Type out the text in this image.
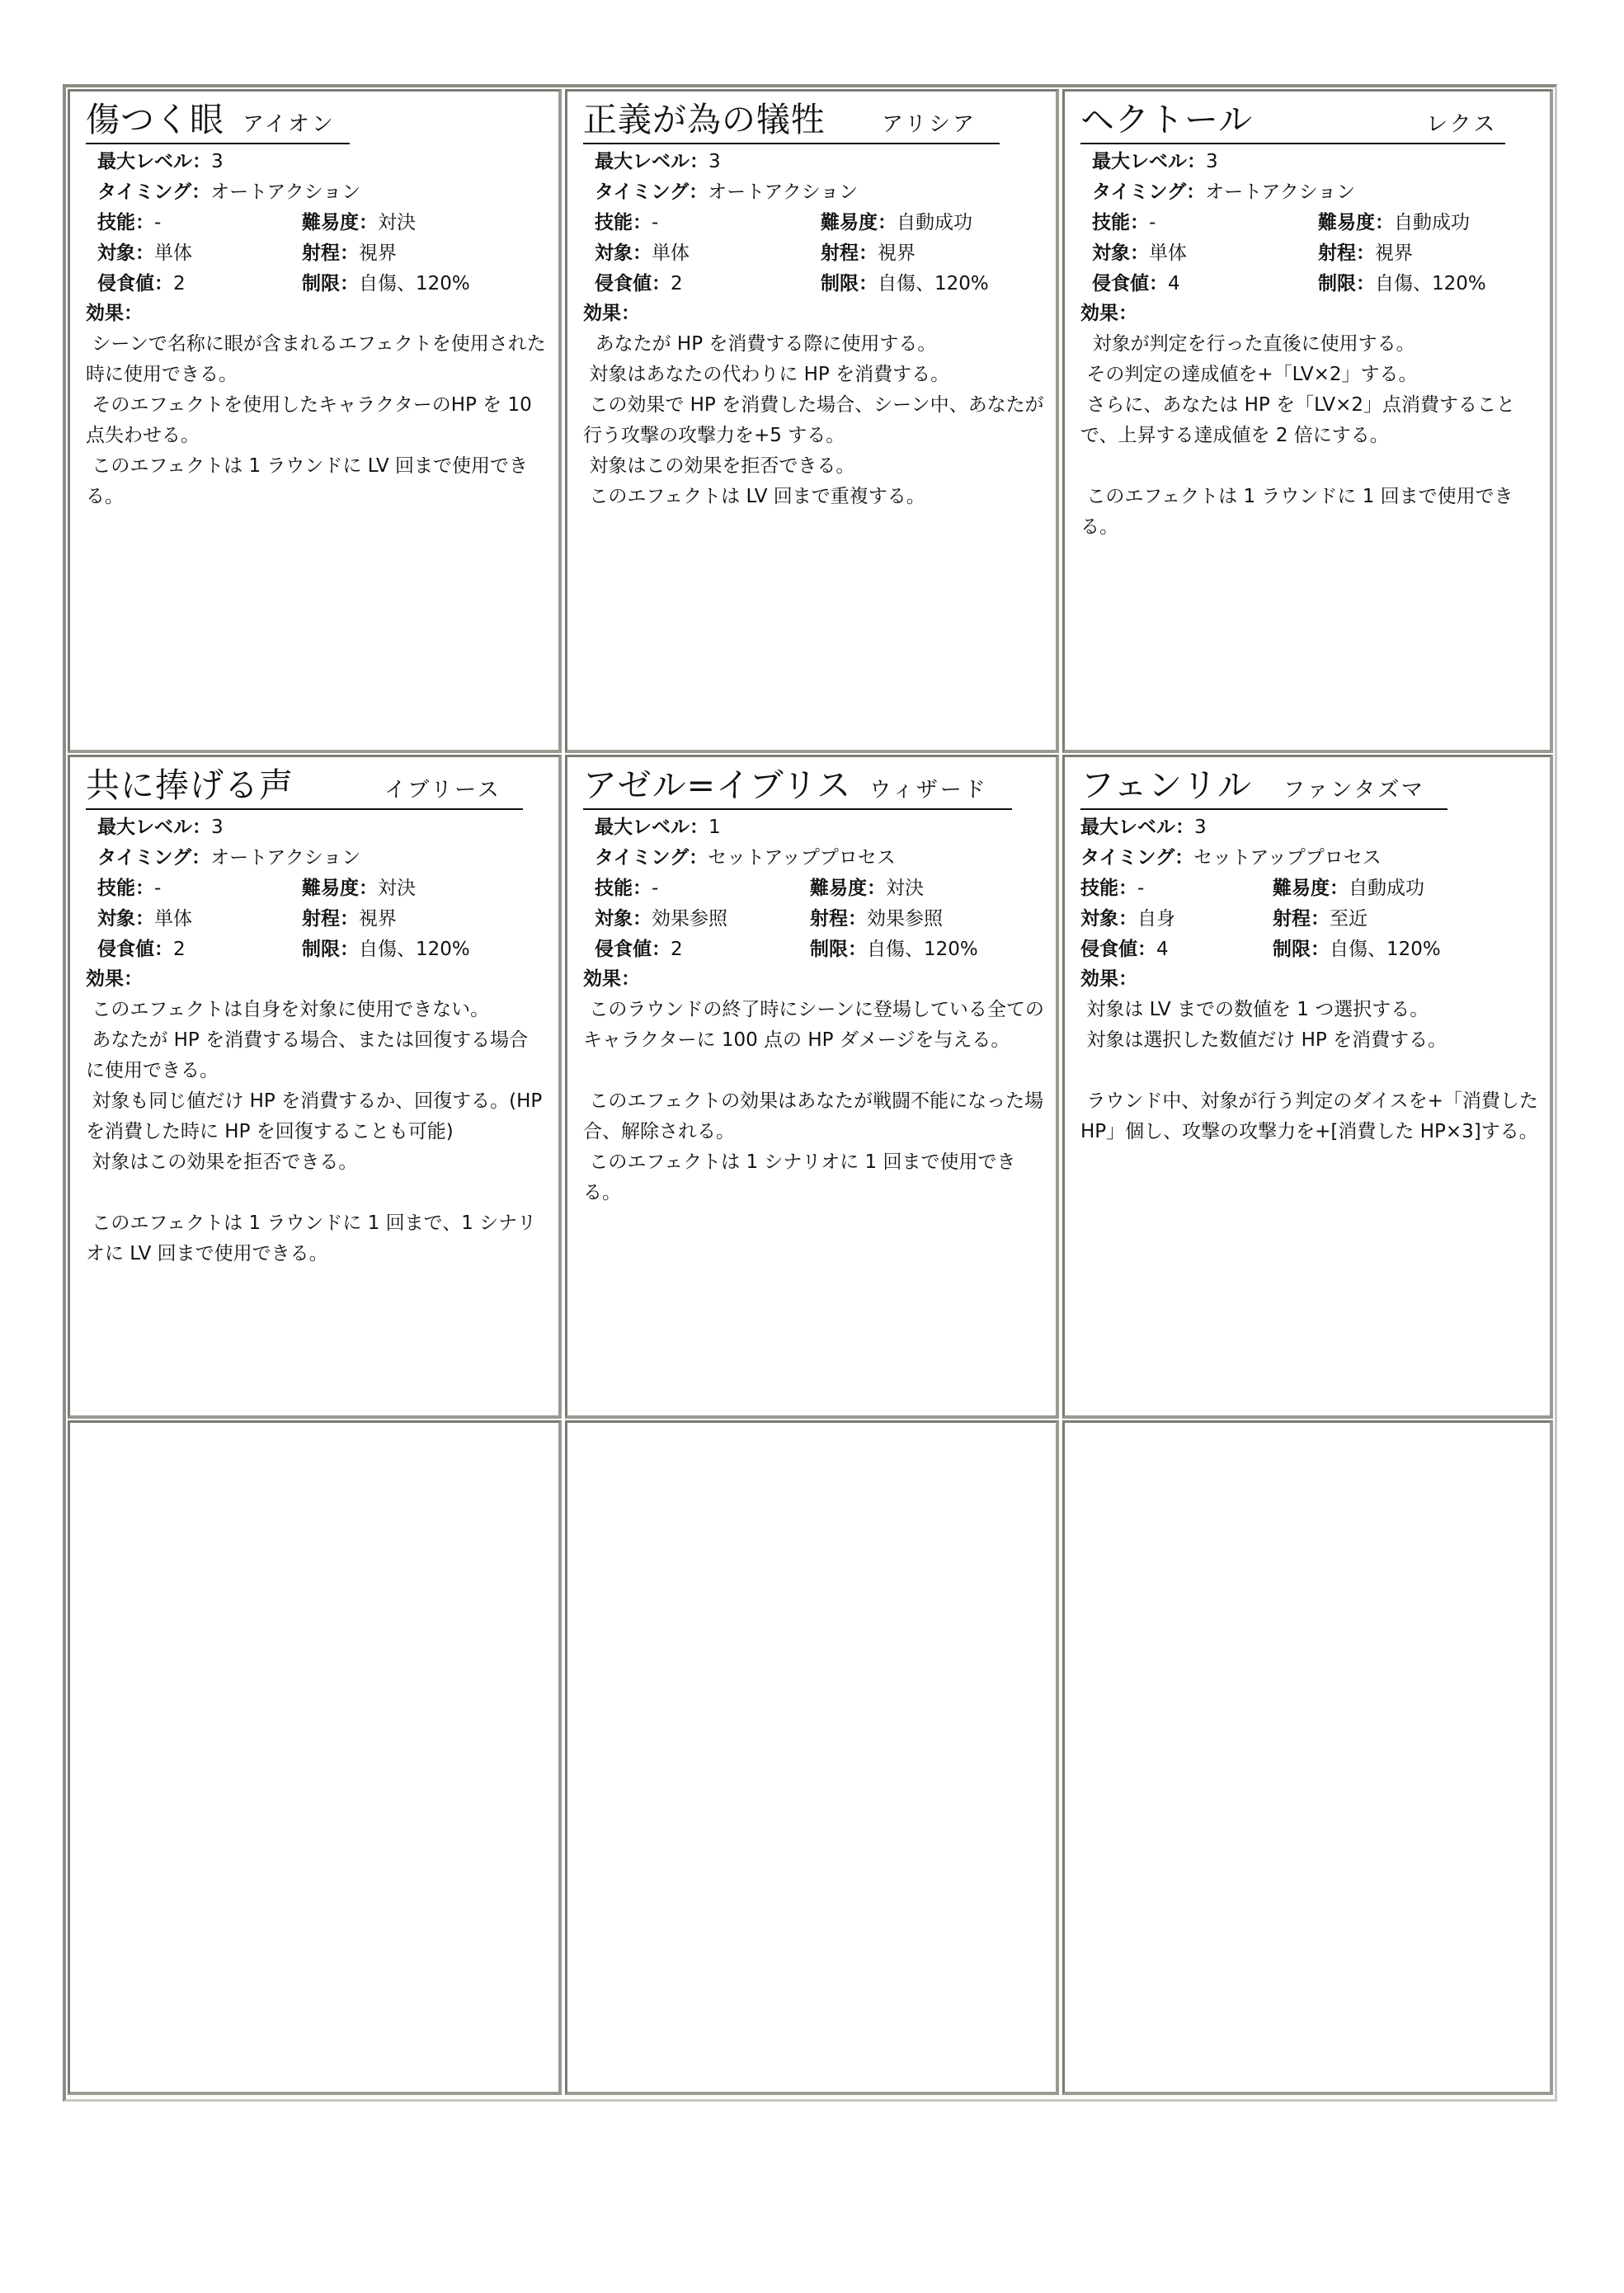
傷つく眼 アイオン
最大レベル：3
タイミング：オートアクション
技能：-	難易度：対決
対象：単体	射程：視界
侵食値：2	制限：自傷、120%
効果：
シーンで名称に眼が含まれるエフェクトを使用された時に使用できる。
そのエフェクトを使用したキャラクターのHP を 10 点失わせる。
このエフェクトは 1 ラウンドに LV 回まで使用できる。
正義が為の犠牲	アリシア
最大レベル：3
タイミング：オートアクション
技能：-	難易度：自動成功
対象：単体	射程：視界
侵食値：2	制限：自傷、120%
効果：
あなたが HP を消費する際に使用する。
対象はあなたの代わりに HP を消費する。
この効果で HP を消費した場合、シーン中、あなたが行う攻撃の攻撃力を+5 する。
対象はこの効果を拒否できる。
このエフェクトは LV 回まで重複する。
ヘクトール	レクス
最大レベル：3
タイミング：オートアクション
技能：-	難易度：自動成功
対象：単体	射程：視界
侵食値：4	制限：自傷、120%
効果：
対象が判定を行った直後に使用する。
その判定の達成値を+「LV×2」する。
さらに、あなたは HP を「LV×2」点消費することで、上昇する達成値を 2 倍にする。

このエフェクトは 1 ラウンドに 1 回まで使用できる。
共に捧げる声	イブリース
最大レベル：3
タイミング：オートアクション
技能：-	難易度：対決
対象：単体	射程：視界
侵食値：2	制限：自傷、120%
効果：
このエフェクトは自身を対象に使用できない。
あなたが HP を消費する場合、または回復する場合に使用できる。
対象も同じ値だけ HP を消費するか、回復する。(HP を消費した時に HP を回復することも可能)
対象はこの効果を拒否できる。

このエフェクトは 1 ラウンドに 1 回まで、1 シナリオに LV 回まで使用できる。
アゼル=イブリス ウィザード
最大レベル：1
タイミング：セットアッププロセス
技能：-	難易度：対決
対象：効果参照	射程：効果参照
侵食値：2	制限：自傷、120%
効果：
このラウンドの終了時にシーンに登場している全てのキャラクターに 100 点の HP ダメージを与える。

このエフェクトの効果はあなたが戦闘不能になった場合、解除される。
このエフェクトは 1 シナリオに 1 回まで使用できる。
フェンリル ファンタズマ
最大レベル：3
タイミング：セットアッププロセス
技能：-	難易度：自動成功
対象：自身	射程：至近
侵食値：4	制限：自傷、120%
効果：
対象は LV までの数値を 1 つ選択する。
対象は選択した数値だけ HP を消費する。

ラウンド中、対象が行う判定のダイスを+「消費した HP」個し、攻撃の攻撃力を+[消費した HP×3]する。
